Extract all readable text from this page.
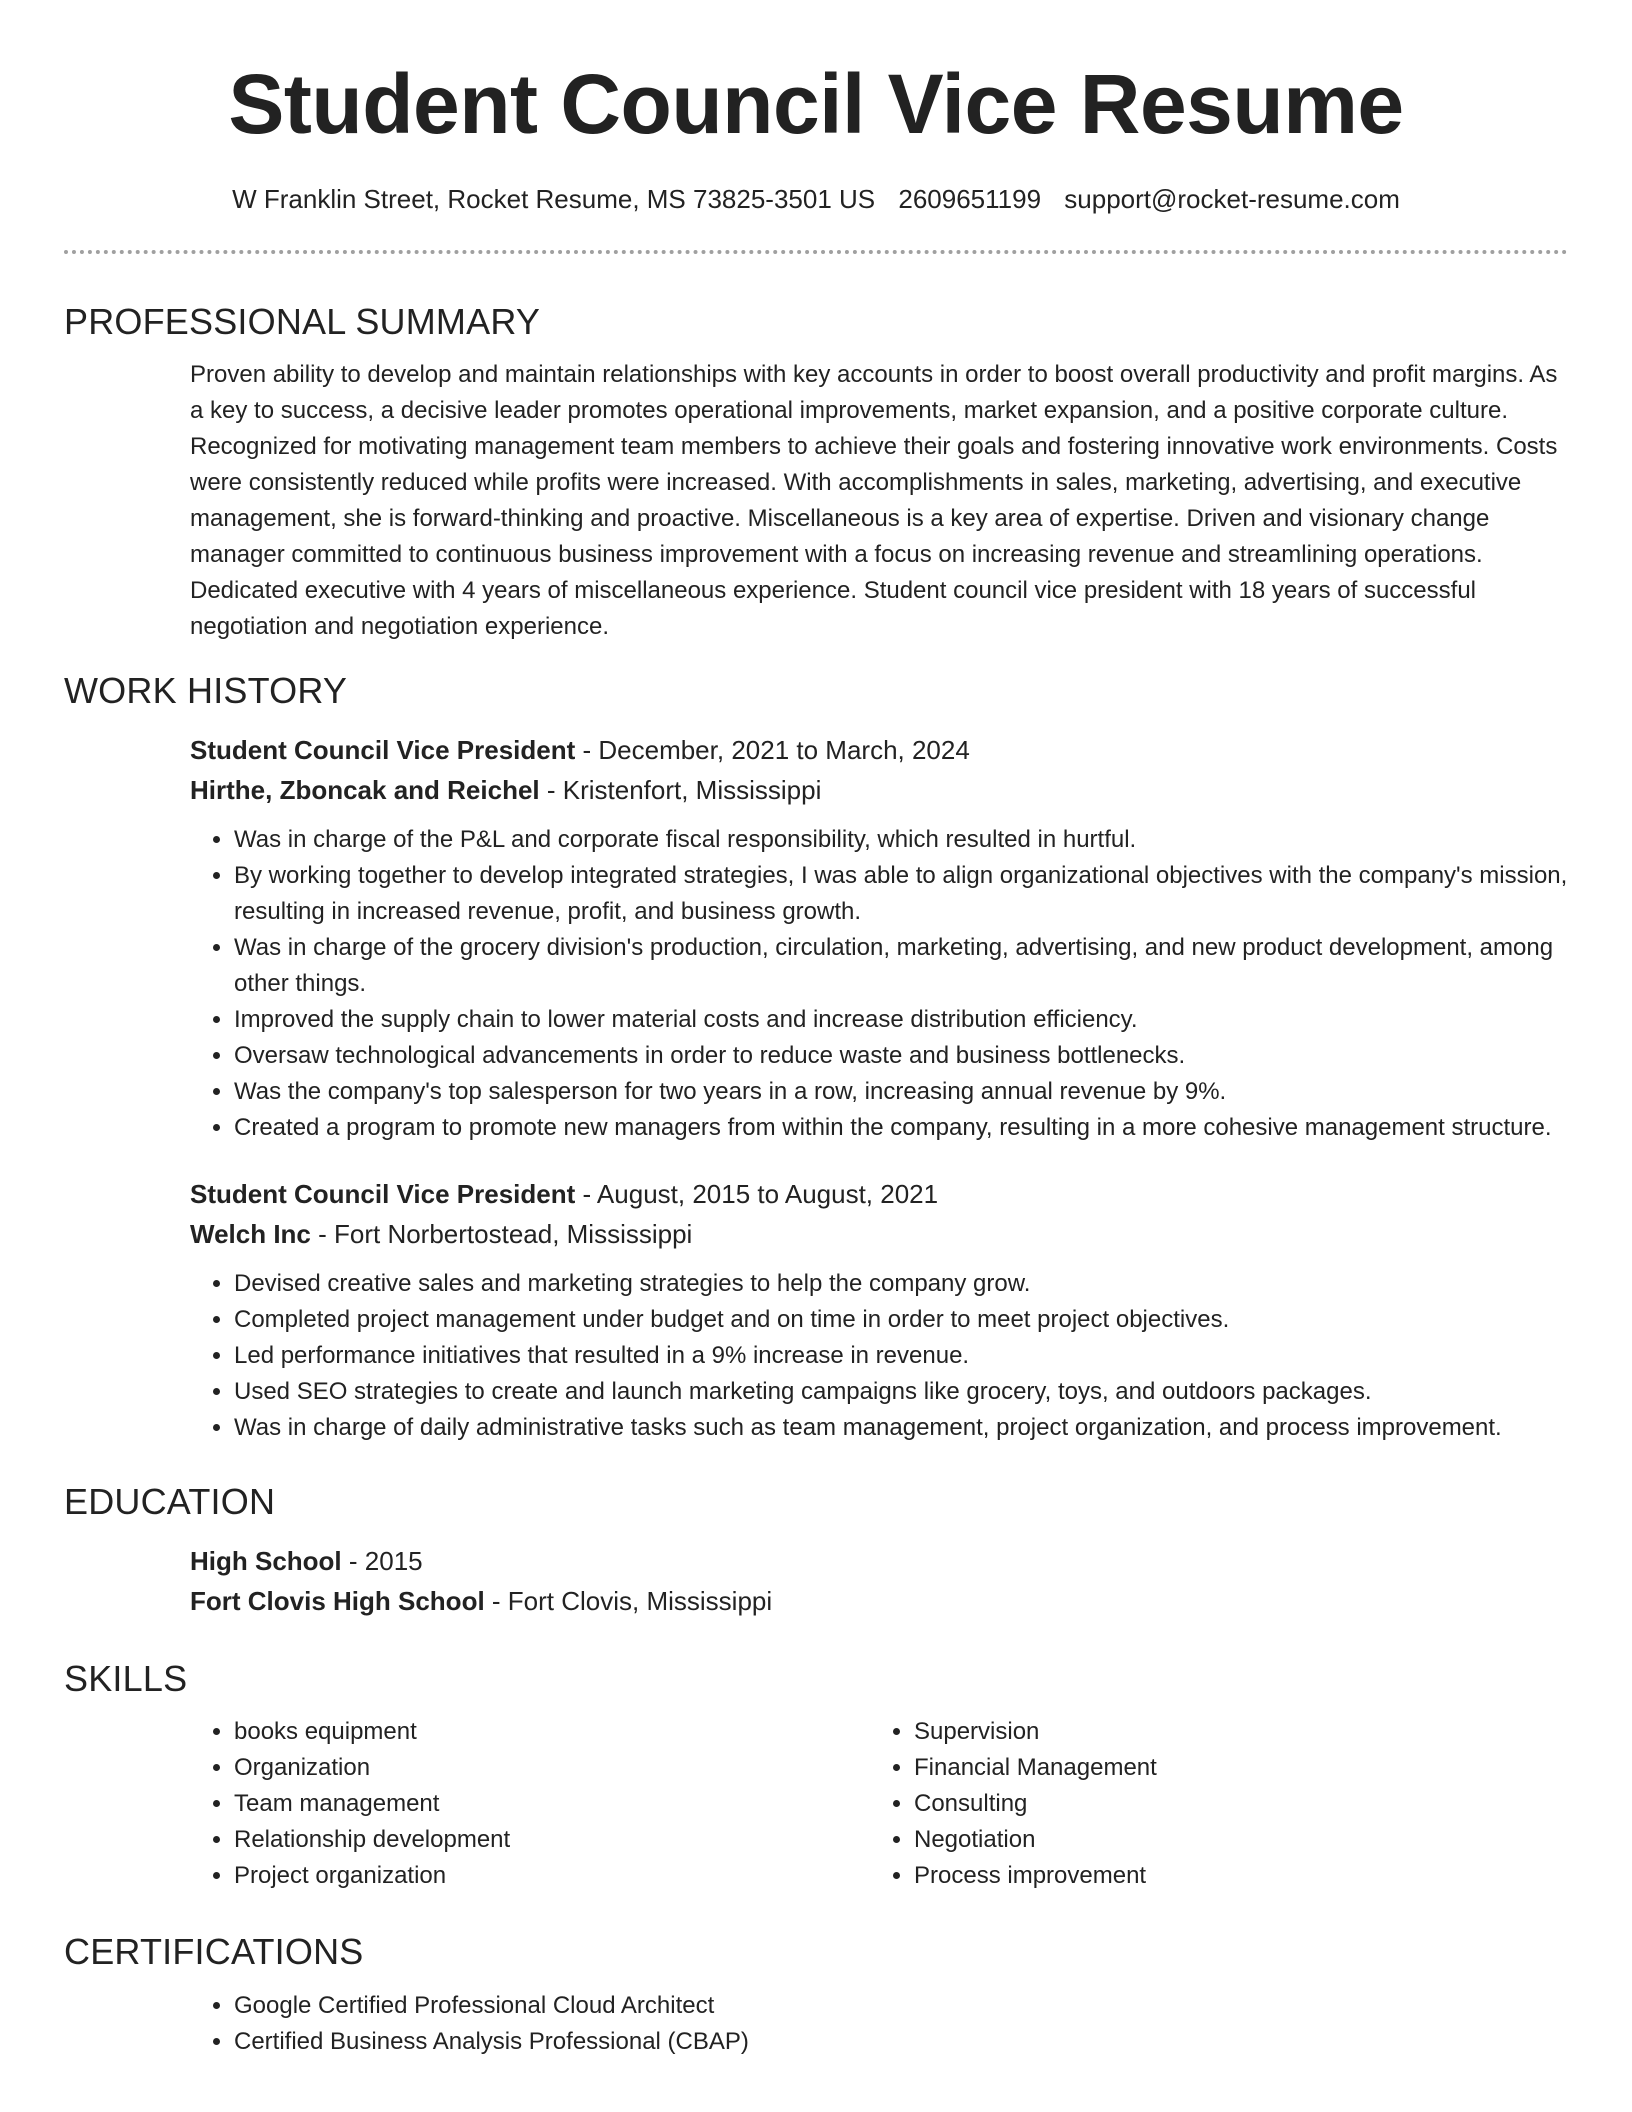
Student Council Vice Resume
W Franklin Street, Rocket Resume, MS 73825-3501 US 2609651199 support@rocket-resume.com
PROFESSIONAL SUMMARY

Proven ability to develop and maintain relationships with key accounts in order to boost overall productivity and profit margins. As a key to success, a decisive leader promotes operational improvements, market expansion, and a positive corporate culture. Recognized for motivating management team members to achieve their goals and fostering innovative work environments. Costs were consistently reduced while profits were increased. With accomplishments in sales, marketing, advertising, and executive management, she is forward-thinking and proactive. Miscellaneous is a key area of expertise. Driven and visionary change manager committed to continuous business improvement with a focus on increasing revenue and streamlining operations. Dedicated executive with 4 years of miscellaneous experience. Student council vice president with 18 years of successful negotiation and negotiation experience.

WORK HISTORY
Student Council Vice President - December, 2021 to March, 2024
Hirthe, Zboncak and Reichel - Kristenfort, Mississippi
• Was in charge of the P&L and corporate fiscal responsibility, which resulted in hurtful.
• By working together to develop integrated strategies, I was able to align organizational objectives with the company's mission, resulting in increased revenue, profit, and business growth.
• Was in charge of the grocery division's production, circulation, marketing, advertising, and new product development, among other things.
• Improved the supply chain to lower material costs and increase distribution efficiency.
• Oversaw technological advancements in order to reduce waste and business bottlenecks.
• Was the company's top salesperson for two years in a row, increasing annual revenue by 9%.
• Created a program to promote new managers from within the company, resulting in a more cohesive management structure.
Student Council Vice President - August, 2015 to August, 2021
Welch Inc - Fort Norbertostead, Mississippi
• Devised creative sales and marketing strategies to help the company grow.
• Completed project management under budget and on time in order to meet project objectives.
• Led performance initiatives that resulted in a 9% increase in revenue.
• Used SEO strategies to create and launch marketing campaigns like grocery, toys, and outdoors packages.
• Was in charge of daily administrative tasks such as team management, project organization, and process improvement.
EDUCATION
High School - 2015
Fort Clovis High School - Fort Clovis, Mississippi
SKILLS
• books equipment
• Organization
• Team management
• Relationship development
• Project organization
• Supervision
• Financial Management
• Consulting
• Negotiation
• Process improvement
CERTIFICATIONS
• Google Certified Professional Cloud Architect
• Certified Business Analysis Professional (CBAP)
